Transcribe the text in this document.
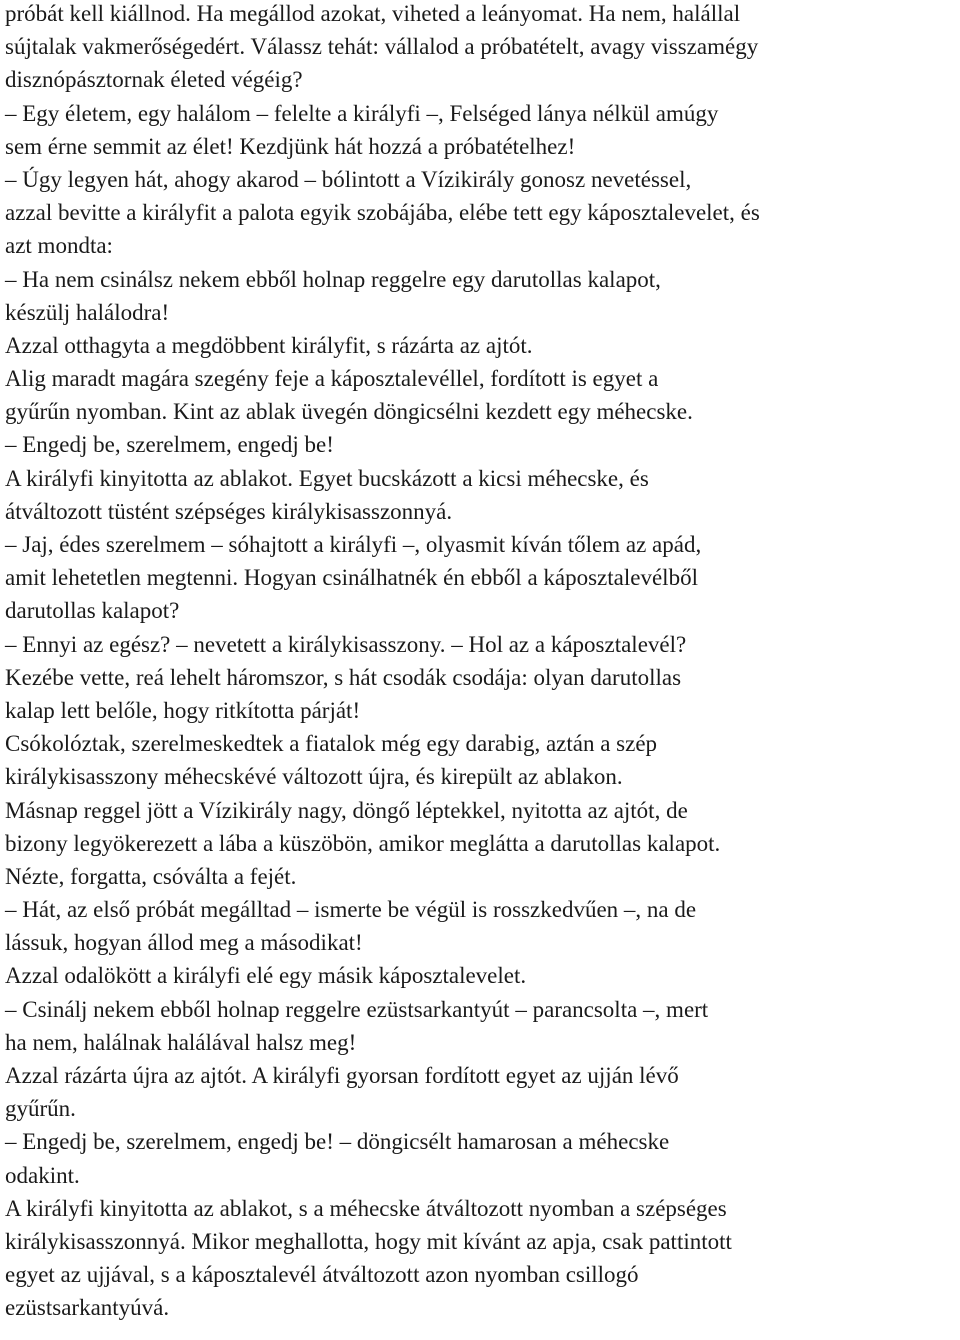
próbát kell kiállnod. Ha megállod azokat, viheted a leányomat. Ha nem, halállal
sújtalak vakmerőségedért. Válassz tehát: vállalod a próbatételt, avagy visszamégy
disznópásztornak életed végéig?
– Egy életem, egy halálom – felelte a királyfi –, Felséged lánya nélkül amúgy
sem érne semmit az élet! Kezdjünk hát hozzá a próbatételhez!
– Úgy legyen hát, ahogy akarod – bólintott a Vízikirály gonosz nevetéssel,
azzal bevitte a királyfit a palota egyik szobájába, elébe tett egy káposztalevelet, és
azt mondta:
– Ha nem csinálsz nekem ebből holnap reggelre egy darutollas kalapot,
készülj halálodra!
Azzal otthagyta a megdöbbent királyfit, s rázárta az ajtót.
Alig maradt magára szegény feje a káposztalevéllel, fordított is egyet a
gyűrűn nyomban. Kint az ablak üvegén döngicsélni kezdett egy méhecske.
– Engedj be, szerelmem, engedj be!
A királyfi kinyitotta az ablakot. Egyet bucskázott a kicsi méhecske, és
átváltozott tüstént szépséges királykisasszonnyá.
– Jaj, édes szerelmem – sóhajtott a királyfi –, olyasmit kíván tőlem az apád,
amit lehetetlen megtenni. Hogyan csinálhatnék én ebből a káposztalevélből
darutollas kalapot?
– Ennyi az egész? – nevetett a királykisasszony. – Hol az a káposztalevél?
Kezébe vette, reá lehelt háromszor, s hát csodák csodája: olyan darutollas
kalap lett belőle, hogy ritkította párját!
Csókolóztak, szerelmeskedtek a fiatalok még egy darabig, aztán a szép
királykisasszony méhecskévé változott újra, és kirepült az ablakon.
Másnap reggel jött a Vízikirály nagy, döngő léptekkel, nyitotta az ajtót, de
bizony legyökerezett a lába a küszöbön, amikor meglátta a darutollas kalapot.
Nézte, forgatta, csóválta a fejét.
– Hát, az első próbát megálltad – ismerte be végül is rosszkedvűen –, na de
lássuk, hogyan állod meg a másodikat!
Azzal odalökött a királyfi elé egy másik káposztalevelet.
– Csinálj nekem ebből holnap reggelre ezüstsarkantyút – parancsolta –, mert
ha nem, halálnak halálával halsz meg!
Azzal rázárta újra az ajtót. A királyfi gyorsan fordított egyet az ujján lévő
gyűrűn.
– Engedj be, szerelmem, engedj be! – döngicsélt hamarosan a méhecske
odakint.
A királyfi kinyitotta az ablakot, s a méhecske átváltozott nyomban a szépséges
királykisasszonnyá. Mikor meghallotta, hogy mit kívánt az apja, csak pattintott
egyet az ujjával, s a káposztalevél átváltozott azon nyomban csillogó
ezüstsarkantyúvá.
